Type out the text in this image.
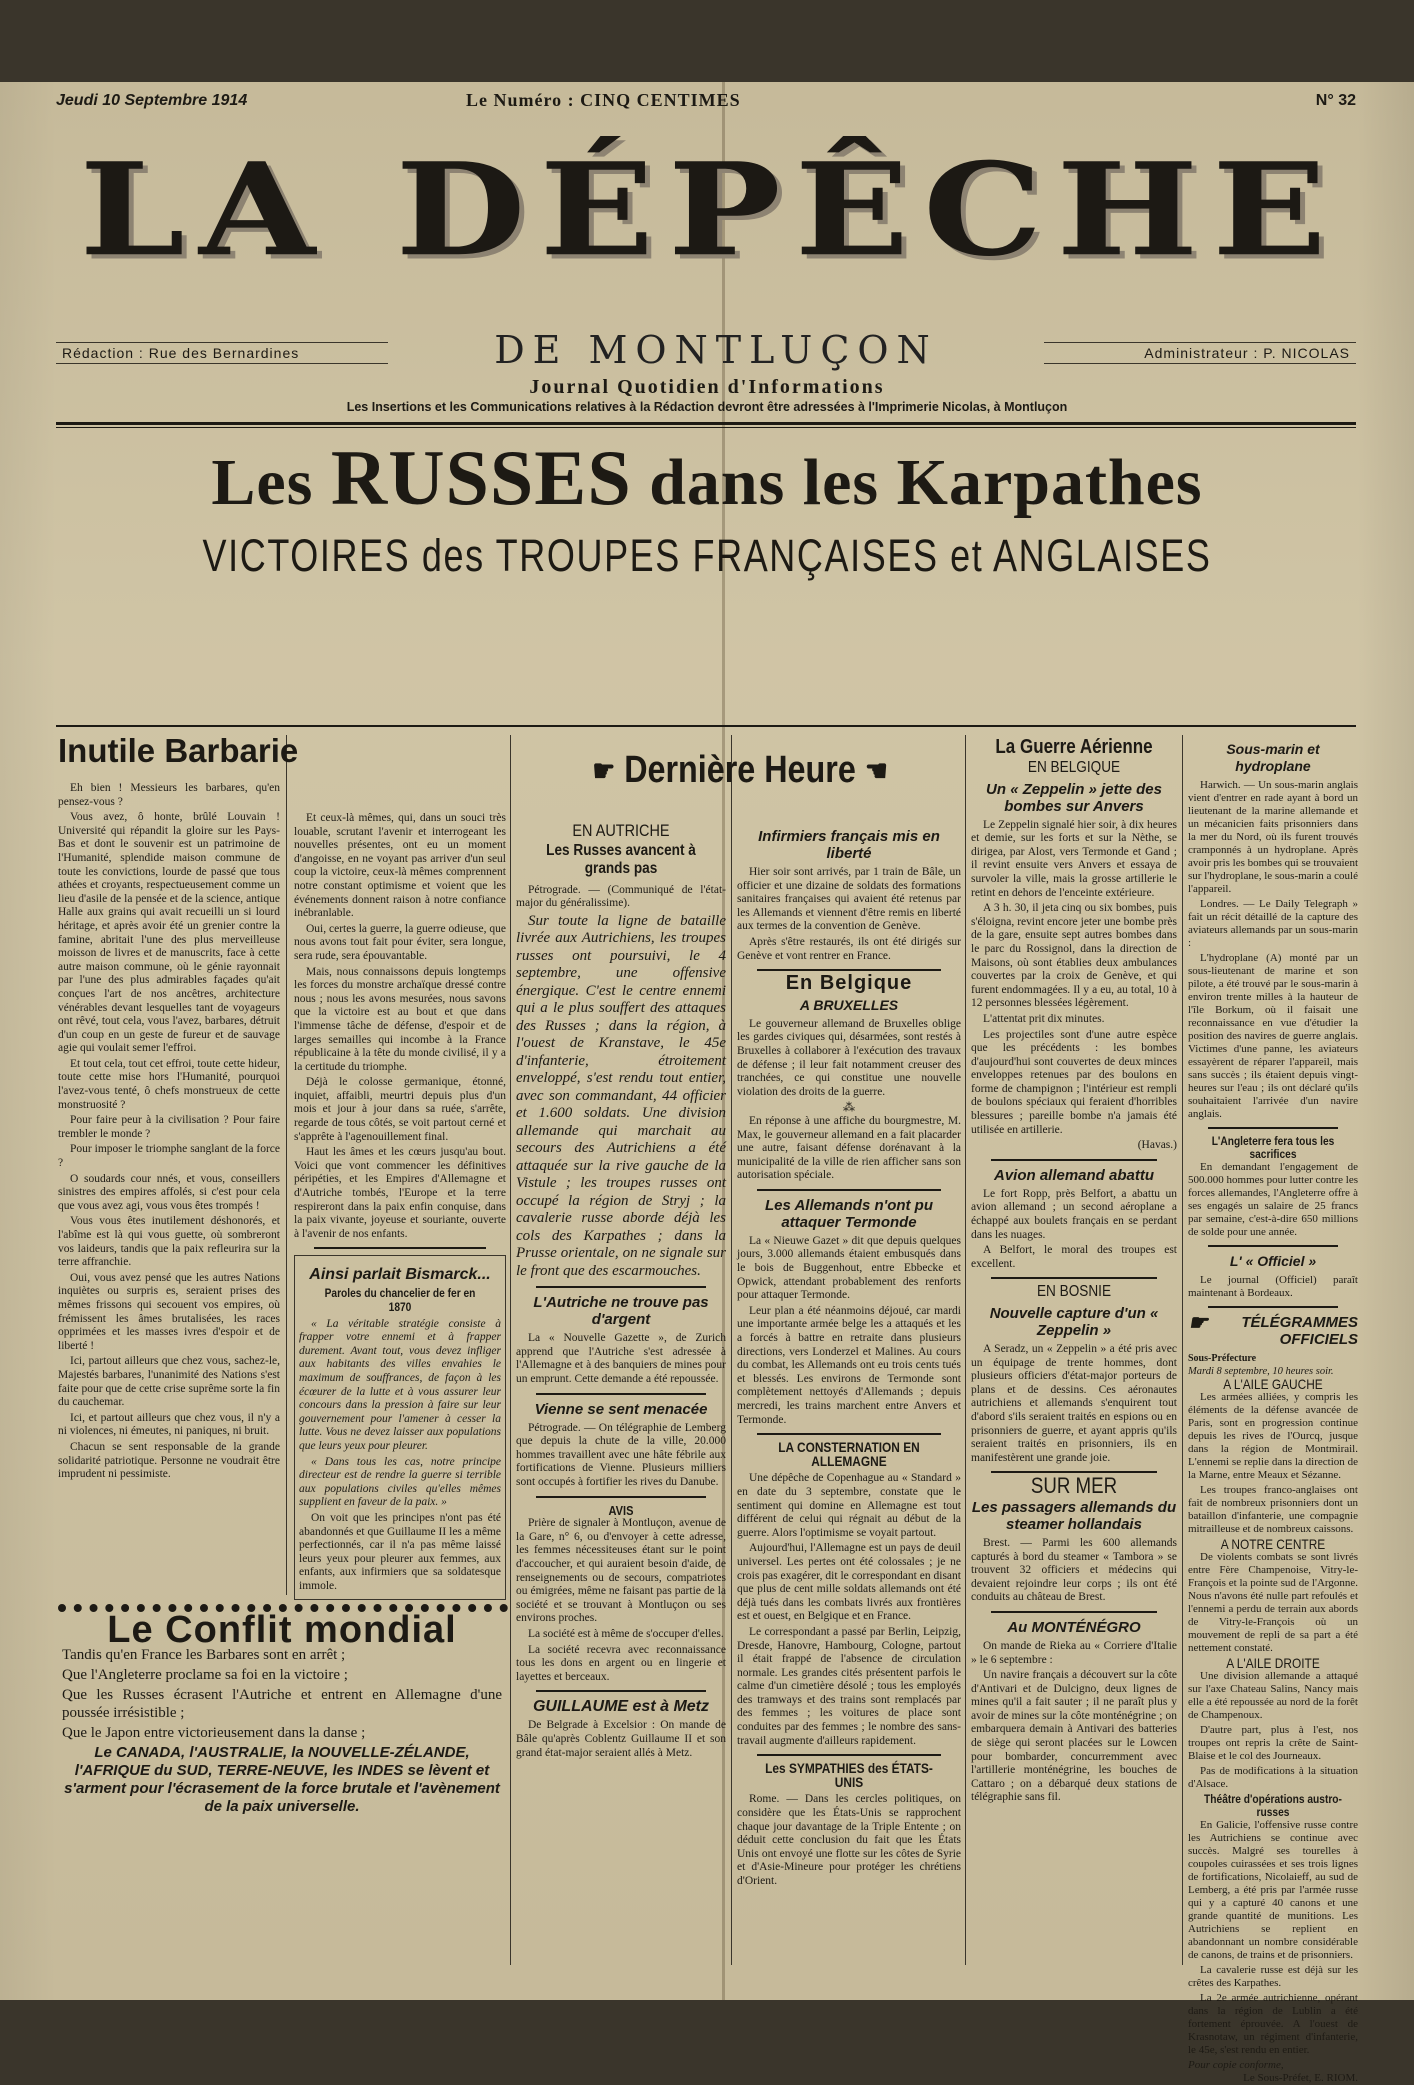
Jeudi 10 Septembre 1914	Le Numéro : CINQ CENTIMES	N° 32
LA DÉPÊCHE
Rédaction : Rue des Bernardines	DE MONTLUÇON	Administrateur : P. NICOLAS
Journal Quotidien d'Informations
Les Insertions et les Communications relatives à la Rédaction devront être adressées à l'Imprimerie Nicolas, à Montluçon
Les RUSSES dans les Karpathes
VICTOIRES des TROUPES FRANÇAISES et ANGLAISES
Inutile Barbarie

Eh bien ! Messieurs les barbares, qu'en pensez-vous ?

Vous avez, ô honte, brûlé Louvain ! Université qui répandit la gloire sur les Pays-Bas et dont le souvenir est un patrimoine de l'Humanité, splendide maison commune de toute les convictions, lourde de passé que tous athées et croyants, respectueusement comme un lieu d'asile de la pensée et de la science, antique Halle aux grains qui avait recueilli un si lourd héritage, et après avoir été un grenier contre la famine, abritait l'une des plus merveilleuse moisson de livres et de manuscrits, face à cette autre maison commune, où le génie rayonnait par l'une des plus admirables façades qu'ait conçues l'art de nos ancêtres, architecture vénérables devant lesquelles tant de voyageurs ont rêvé, tout cela, vous l'avez, barbares, détruit d'un coup en un geste de fureur et de sauvage agie qui voulait semer l'effroi.

Et tout cela, tout cet effroi, toute cette hideur, toute cette mise hors l'Humanité, pourquoi l'avez-vous tenté, ô chefs monstrueux de cette monstruosité ?

Pour faire peur à la civilisation ? Pour faire trembler le monde ?

Pour imposer le triomphe sanglant de la force ?

O soudards cour nnés, et vous, conseillers sinistres des empires affolés, si c'est pour cela que vous avez agi, vous vous êtes trompés !

Vous vous êtes inutilement déshonorés, et l'abîme est là qui vous guette, où sombreront vos laideurs, tandis que la paix refleurira sur la terre affranchie.

Oui, vous avez pensé que les autres Nations inquiètes ou surpris es, seraient prises des mêmes frissons qui secouent vos empires, où frémissent les âmes brutalisées, les races opprimées et les masses ivres d'espoir et de liberté !

Ici, partout ailleurs que chez vous, sachez-le, Majestés barbares, l'unanimité des Nations s'est faite pour que de cette crise suprême sorte la fin du cauchemar.

Ici, et partout ailleurs que chez vous, il n'y a ni violences, ni émeutes, ni paniques, ni bruit.

Chacun se sent responsable de la grande solidarité patriotique. Personne ne voudrait être imprudent ni pessimiste.

Et ceux-là mêmes, qui, dans un souci très louable, scrutant l'avenir et interrogeant les nouvelles présentes, ont eu un moment d'angoisse, en ne voyant pas arriver d'un seul coup la victoire, ceux-là mêmes comprennent notre constant optimisme et voient que les événements donnent raison à notre confiance inébranlable.

Oui, certes la guerre, la guerre odieuse, que nous avons tout fait pour éviter, sera longue, sera rude, sera épouvantable.

Mais, nous connaissons depuis longtemps les forces du monstre archaïque dressé contre nous ; nous les avons mesurées, nous savons que la victoire est au bout et que dans l'immense tâche de défense, d'espoir et de larges semailles qui incombe à la France républicaine à la tête du monde civilisé, il y a la certitude du triomphe.

Déjà le colosse germanique, étonné, inquiet, affaibli, meurtri depuis plus d'un mois et jour à jour dans sa ruée, s'arrête, regarde de tous côtés, se voit partout cerné et s'apprête à l'agenouillement final.

Haut les âmes et les cœurs jusqu'au bout. Voici que vont commencer les définitives péripéties, et les Empires d'Allemagne et d'Autriche tombés, l'Europe et la terre respireront dans la paix enfin conquise, dans la paix vivante, joyeuse et souriante, ouverte à l'avenir de nos enfants.

Ainsi parlait Bismarck...
Paroles du chancelier de fer en 1870

« La véritable stratégie consiste à frapper votre ennemi et à frapper durement. Avant tout, vous devez infliger aux habitants des villes envahies le maximum de souffrances, de façon à les écœurer de la lutte et à vous assurer leur concours dans la pression à faire sur leur gouvernement pour l'amener à cesser la lutte. Vous ne devez laisser aux populations que leurs yeux pour pleurer.

« Dans tous les cas, notre principe directeur est de rendre la guerre si terrible aux populations civiles qu'elles mêmes supplient en faveur de la paix. »

On voit que les principes n'ont pas été abandonnés et que Guillaume II les a même perfectionnés, car il n'a pas même laissé leurs yeux pour pleurer aux femmes, aux enfants, aux infirmiers que sa soldatesque immole.

Le Conflit mondial

Tandis qu'en France les Barbares sont en arrêt ;

Que l'Angleterre proclame sa foi en la victoire ;

Que les Russes écrasent l'Autriche et entrent en Allemagne d'une poussée irrésistible ;

Que le Japon entre victorieusement dans la danse ;

Le CANADA, l'AUSTRALIE, la NOUVELLE-ZÉLANDE, l'AFRIQUE du SUD, TERRE-NEUVE, les INDES se lèvent et s'arment pour l'écrasement de la force brutale et l'avènement de la paix universelle.
☛ Dernière Heure ☛
EN AUTRICHE
Les Russes avancent à grands pas

Pétrograde. — (Communiqué de l'état-major du généralissime).

Sur toute la ligne de bataille livrée aux Autrichiens, les troupes russes ont poursuivi, le 4 septembre, une offensive énergique. C'est le centre ennemi qui a le plus souffert des attaques des Russes ; dans la région, à l'ouest de Kranstave, le 45e d'infanterie, étroitement enveloppé, s'est rendu tout entier, avec son commandant, 44 officier et 1.600 soldats. Une division allemande qui marchait au secours des Autrichiens a été attaquée sur la rive gauche de la Vistule ; les troupes russes ont occupé la région de Stryj ; la cavalerie russe aborde déjà les cols des Karpathes ; dans la Prusse orientale, on ne signale sur le front que des escarmouches.

L'Autriche ne trouve pas d'argent

La « Nouvelle Gazette », de Zurich apprend que l'Autriche s'est adressée à l'Allemagne et à des banquiers de mines pour un emprunt. Cette demande a été repoussée.

Vienne se sent menacée

Pétrograde. — On télégraphie de Lemberg que depuis la chute de la ville, 20.000 hommes travaillent avec une hâte fébrile aux fortifications de Vienne. Plusieurs milliers sont occupés à fortifier les rives du Danube.

AVIS

Prière de signaler à Montluçon, avenue de la Gare, n° 6, ou d'envoyer à cette adresse, les femmes nécessiteuses étant sur le point d'accoucher, et qui auraient besoin d'aide, de renseignements ou de secours, compatriotes ou émigrées, même ne faisant pas partie de la société et se trouvant à Montluçon ou ses environs proches.

La société est à même de s'occuper d'elles.

La société recevra avec reconnaissance tous les dons en argent ou en lingerie et layettes et berceaux.

GUILLAUME est à Metz

De Belgrade à Excelsior : On mande de Bâle qu'après Coblentz Guillaume II et son grand état-major seraient allés à Metz.

Infirmiers français mis en liberté

Hier soir sont arrivés, par 1 train de Bâle, un officier et une dizaine de soldats des formations sanitaires françaises qui avaient été retenus par les Allemands et viennent d'être remis en liberté aux termes de la convention de Genève.

Après s'être restaurés, ils ont été dirigés sur Genève et vont rentrer en France.

En Belgique
A BRUXELLES

Le gouverneur allemand de Bruxelles oblige les gardes civiques qui, désarmées, sont restés à Bruxelles à collaborer à l'exécution des travaux de défense ; il leur fait notamment creuser des tranchées, ce qui constitue une nouvelle violation des droits de la guerre.

⁂

En réponse à une affiche du bourgmestre, M. Max, le gouverneur allemand en a fait placarder une autre, faisant défense dorénavant à la municipalité de la ville de rien afficher sans son autorisation spéciale.

Les Allemands n'ont pu attaquer Termonde

La « Nieuwe Gazet » dit que depuis quelques jours, 3.000 allemands étaient embusqués dans le bois de Buggenhout, entre Ebbecke et Opwick, attendant probablement des renforts pour attaquer Termonde.

Leur plan a été néanmoins déjoué, car mardi une importante armée belge les a attaqués et les a forcés à battre en retraite dans plusieurs directions, vers Londerzel et Malines. Au cours du combat, les Allemands ont eu trois cents tués et blessés. Les environs de Termonde sont complètement nettoyés d'Allemands ; depuis mercredi, les trains marchent entre Anvers et Termonde.

LA CONSTERNATION EN ALLEMAGNE

Une dépêche de Copenhague au « Standard » en date du 3 septembre, constate que le sentiment qui domine en Allemagne est tout différent de celui qui régnait au début de la guerre. Alors l'optimisme se voyait partout.

Aujourd'hui, l'Allemagne est un pays de deuil universel. Les pertes ont été colossales ; je ne crois pas exagérer, dit le correspondant en disant que plus de cent mille soldats allemands ont été déjà tués dans les combats livrés aux frontières est et ouest, en Belgique et en France.

Le correspondant a passé par Berlin, Leipzig, Dresde, Hanovre, Hambourg, Cologne, partout il était frappé de l'absence de circulation normale. Les grandes cités présentent parfois le calme d'un cimetière désolé ; tous les employés des tramways et des trains sont remplacés par des femmes ; les voitures de place sont conduites par des femmes ; le nombre des sans-travail augmente d'ailleurs rapidement.

Les SYMPATHIES des ÉTATS-UNIS

Rome. — Dans les cercles politiques, on considère que les États-Unis se rapprochent chaque jour davantage de la Triple Entente ; on déduit cette conclusion du fait que les États Unis ont envoyé une flotte sur les côtes de Syrie et d'Asie-Mineure pour protéger les chrétiens d'Orient.

La Guerre Aérienne
EN BELGIQUE
Un « Zeppelin » jette des bombes sur Anvers

Le Zeppelin signalé hier soir, à dix heures et demie, sur les forts et sur la Nèthe, se dirigea, par Alost, vers Termonde et Gand ; il revint ensuite vers Anvers et essaya de survoler la ville, mais la grosse artillerie le retint en dehors de l'enceinte extérieure.

A 3 h. 30, il jeta cinq ou six bombes, puis s'éloigna, revint encore jeter une bombe près de la gare, ensuite sept autres bombes dans le parc du Rossignol, dans la direction de Maisons, où sont établies deux ambulances couvertes par la croix de Genève, et qui furent endommagées. Il y a eu, au total, 10 à 12 personnes blessées légèrement.

L'attentat prit dix minutes.

Les projectiles sont d'une autre espèce que les précédents : les bombes d'aujourd'hui sont couvertes de deux minces enveloppes retenues par des boulons en forme de champignon ; l'intérieur est rempli de boulons spéciaux qui feraient d'horribles blessures ; pareille bombe n'a jamais été utilisée en artillerie.

(Havas.)
Avion allemand abattu

Le fort Ropp, près Belfort, a abattu un avion allemand ; un second aéroplane a échappé aux boulets français en se perdant dans les nuages.

A Belfort, le moral des troupes est excellent.

EN BOSNIE
Nouvelle capture d'un « Zeppelin »

A Seradz, un « Zeppelin » a été pris avec un équipage de trente hommes, dont plusieurs officiers d'état-major porteurs de plans et de dessins. Ces aéronautes autrichiens et allemands s'enquirent tout d'abord s'ils seraient traités en espions ou en prisonniers de guerre, et ayant appris qu'ils seraient traités en prisonniers, ils en manifestèrent une grande joie.

SUR MER
Les passagers allemands du steamer hollandais

Brest. — Parmi les 600 allemands capturés à bord du steamer « Tambora » se trouvent 32 officiers et médecins qui devaient rejoindre leur corps ; ils ont été conduits au château de Brest.

Au MONTÉNÉGRO

On mande de Rieka au « Corriere d'Italie » le 6 septembre :

Un navire français a découvert sur la côte d'Antivari et de Dulcigno, deux lignes de mines qu'il a fait sauter ; il ne paraît plus y avoir de mines sur la côte monténégrine ; on embarquera demain à Antivari des batteries de siège qui seront placées sur le Lowcen pour bombarder, concurremment avec l'artillerie monténégrine, les bouches de Cattaro ; on a débarqué deux stations de télégraphie sans fil.

Sous-marin et hydroplane

Harwich. — Un sous-marin anglais vient d'entrer en rade ayant à bord un lieutenant de la marine allemande et un mécanicien faits prisonniers dans la mer du Nord, où ils furent trouvés cramponnés à un hydroplane. Après avoir pris les bombes qui se trouvaient sur l'hydroplane, le sous-marin a coulé l'appareil.

Londres. — Le Daily Telegraph » fait un récit détaillé de la capture des aviateurs allemands par un sous-marin :

L'hydroplane (A) monté par un sous-lieutenant de marine et son pilote, a été trouvé par le sous-marin à environ trente milles à la hauteur de l'île Borkum, où il faisait une reconnaissance en vue d'étudier la position des navires de guerre anglais. Victimes d'une panne, les aviateurs essayèrent de réparer l'appareil, mais sans succès ; ils étaient depuis vingt-heures sur l'eau ; ils ont déclaré qu'ils souhaitaient l'arrivée d'un navire anglais.

L'Angleterre fera tous les sacrifices

En demandant l'engagement de 500.000 hommes pour lutter contre les forces allemandes, l'Angleterre offre à ses engagés un salaire de 25 francs par semaine, c'est-à-dire 650 millions de solde pour une année.

L' « Officiel »

Le journal (Officiel) paraît maintenant à Bordeaux.

☛ TÉLÉGRAMMES OFFICIELS
Sous-Préfecture
Mardi 8 septembre, 10 heures soir.
A L'AILE GAUCHE

Les armées alliées, y compris les éléments de la défense avancée de Paris, sont en progression continue depuis les rives de l'Ourcq, jusque dans la région de Montmirail. L'ennemi se replie dans la direction de la Marne, entre Meaux et Sézanne.

Les troupes franco-anglaises ont fait de nombreux prisonniers dont un bataillon d'infanterie, une compagnie mitrailleuse et de nombreux caissons.

A NOTRE CENTRE

De violents combats se sont livrés entre Fère Champenoise, Vitry-le-François et la pointe sud de l'Argonne. Nous n'avons été nulle part refoulés et l'ennemi a perdu de terrain aux abords de Vitry-le-François où un mouvement de repli de sa part a été nettement constaté.

A L'AILE DROITE

Une division allemande a attaqué sur l'axe Chateau Salins, Nancy mais elle a été repoussée au nord de la forêt de Champenoux.

D'autre part, plus à l'est, nos troupes ont repris la crête de Saint-Blaise et le col des Journeaux.

Pas de modifications à la situation d'Alsace.

Théâtre d'opérations austro-russes

En Galicie, l'offensive russe contre les Autrichiens se continue avec succès. Malgré ses tourelles à coupoles cuirassées et ses trois lignes de fortifications, Nicolaieff, au sud de Lemberg, a été pris par l'armée russe qui y a capturé 40 canons et une grande quantité de munitions. Les Autrichiens se replient en abandonnant un nombre considérable de canons, de trains et de prisonniers.

La cavalerie russe est déjà sur les crêtes des Karpathes.

La 2e armée autrichienne, opérant dans la région de Lublin a été fortement éprouvée. A l'ouest de Krasnotaw, un régiment d'infanterie, le 45e, s'est rendu en entier.

Pour copie conforme,
Le Sous-Préfet, E. RIOM.
